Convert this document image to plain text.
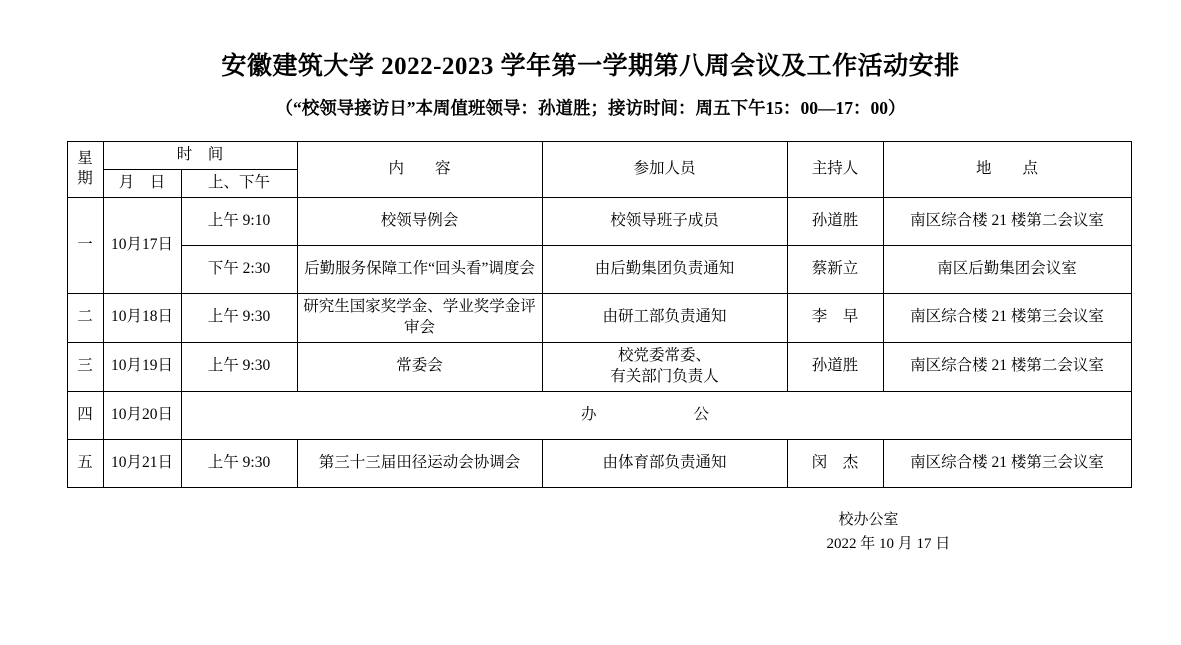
安徽建筑大学 2022-2023 学年第一学期第八周会议及工作活动安排
（“校领导接访日”本周值班领导：孙道胜；接访时间：周五下午15：00—17：00）
星
期	时　间		内　　容	参加人员	主持人	地　　点
	月　日	上、下午				
一	10月17日	上午 9:10	校领导例会	校领导班子成员	孙道胜	南区综合楼 21 楼第二会议室
		下午 2:30	后勤服务保障工作“回头看”调度会	由后勤集团负责通知	蔡新立	南区后勤集团会议室
二	10月18日	上午 9:30	研究生国家奖学金、学业奖学金评审会	由研工部负责通知	李　早	南区综合楼 21 楼第三会议室
三	10月19日	上午 9:30	常委会	校党委常委、
有关部门负责人	孙道胜	南区综合楼 21 楼第二会议室
四	10月20日	办　　公				
五	10月21日	上午 9:30	第三十三届田径运动会协调会	由体育部负责通知	闵　杰	南区综合楼 21 楼第三会议室
校办公室
2022 年 10 月 17 日
